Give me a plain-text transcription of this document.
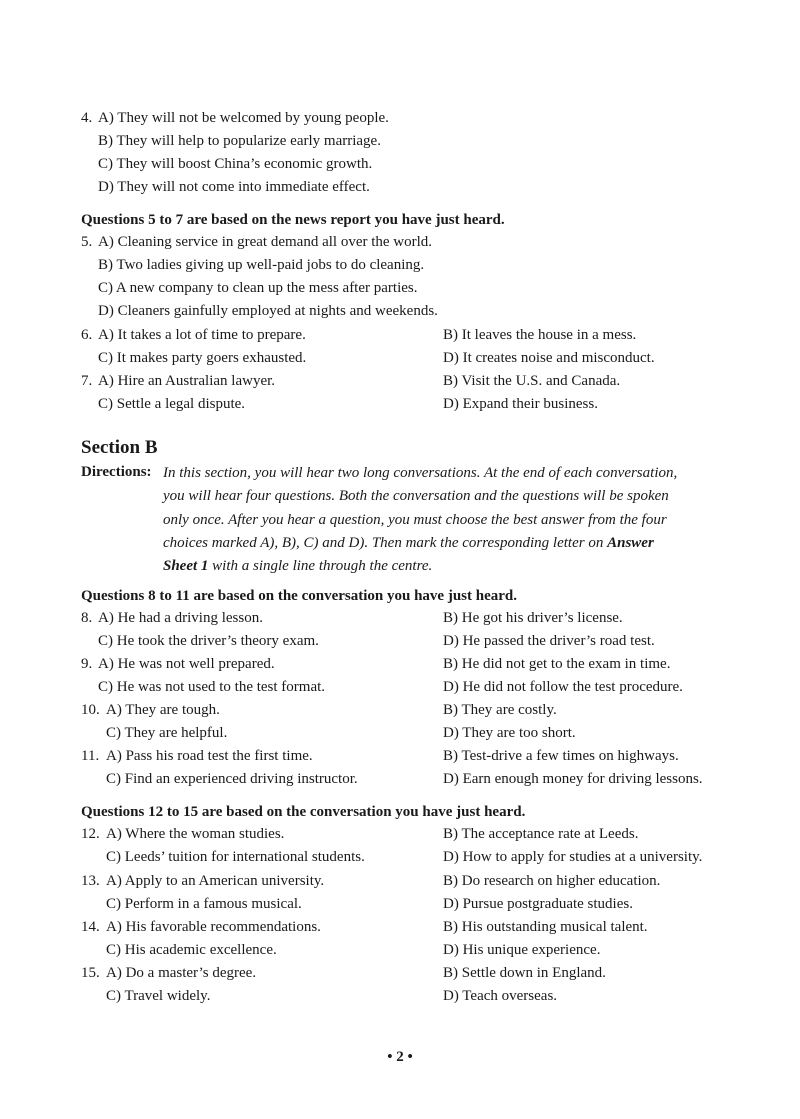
4. A) They will not be welcomed by young people.
B) They will help to popularize early marriage.
C) They will boost China’s economic growth.
D) They will not come into immediate effect.
Questions 5 to 7 are based on the news report you have just heard.
5. A) Cleaning service in great demand all over the world.
B) Two ladies giving up well-paid jobs to do cleaning.
C) A new company to clean up the mess after parties.
D) Cleaners gainfully employed at nights and weekends.
6. A) It takes a lot of time to prepare.	B) It leaves the house in a mess.
C) It makes party goers exhausted.	D) It creates noise and misconduct.
7. A) Hire an Australian lawyer.	B) Visit the U.S. and Canada.
C) Settle a legal dispute.	D) Expand their business.
Section B
Directions: In this section, you will hear two long conversations. At the end of each conversation,
you will hear four questions. Both the conversation and the questions will be spoken
only once. After you hear a question, you must choose the best answer from the four
choices marked A), B), C) and D). Then mark the corresponding letter on Answer
Sheet 1 with a single line through the centre.
Questions 8 to 11 are based on the conversation you have just heard.
8. A) He had a driving lesson.	B) He got his driver’s license.
C) He took the driver’s theory exam.	D) He passed the driver’s road test.
9. A) He was not well prepared.	B) He did not get to the exam in time.
C) He was not used to the test format.	D) He did not follow the test procedure.
10. A) They are tough.	B) They are costly.
C) They are helpful.	D) They are too short.
11. A) Pass his road test the first time.	B) Test-drive a few times on highways.
C) Find an experienced driving instructor.	D) Earn enough money for driving lessons.
Questions 12 to 15 are based on the conversation you have just heard.
12. A) Where the woman studies.	B) The acceptance rate at Leeds.
C) Leeds’ tuition for international students.	D) How to apply for studies at a university.
13. A) Apply to an American university.	B) Do research on higher education.
C) Perform in a famous musical.	D) Pursue postgraduate studies.
14. A) His favorable recommendations.	B) His outstanding musical talent.
C) His academic excellence.	D) His unique experience.
15. A) Do a master’s degree.	B) Settle down in England.
C) Travel widely.	D) Teach overseas.
• 2 •
